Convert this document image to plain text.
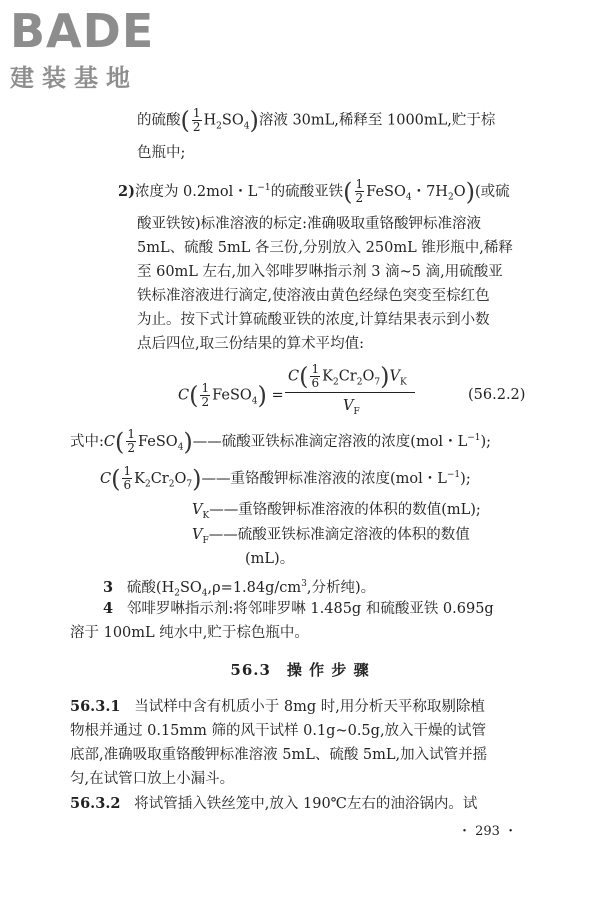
BADE
建装基地
的硫酸( $\frac{1}{2} H_2SO_4$)溶液 30mL,稀释至 1000mL,贮于棕
色瓶中;
2)浓度为 0.2mol・$L^{-1}$的硫酸亚铁( $\frac{1}{2}$ FeSO$_4$・$7H_2O$)(或硫
酸亚铁铵)标准溶液的标定:准确吸取重铬酸钾标准溶液
5mL、硫酸 5mL 各三份,分别放入 250mL 锥形瓶中,稀释
至 60mL 左右,加入邻啡罗啉指示剂 3 滴~5 滴,用硫酸亚
铁标准溶液进行滴定,使溶液由黄色经绿色突变至棕红色
为止。按下式计算硫酸亚铁的浓度,计算结果表示到小数
点后四位,取三份结果的算术平均值:
$C( \frac{1}{2}$ FeSO$_4$) =
$C( \frac{1}{6} K_2Cr_2O_7)V_K$
$V_F$
(56.2.2)
式中:C( $\frac{1}{2}$ FeSO$_4$)——硫酸亚铁标准滴定溶液的浓度(mol・$L^{-1}$);
$C( \frac{1}{6}$ $K_2Cr_2O_7)——$重铬酸钾标准溶液的浓度(mol・$L^{-1}$);
$V_K——$重铬酸钾标准溶液的体积的数值(mL);
$V_F——$硫酸亚铁标准滴定溶液的体积的数值
(mL)。
3 硫酸($H_2SO_4,\rho=1.84g/cm^3$,分析纯)。
4 邻啡罗啉指示剂:将邻啡罗啉 1.485g 和硫酸亚铁 0.695g
溶于 100mL 纯水中,贮于棕色瓶中。
56.3　操 作 步 骤
56.3.1 当试样中含有机质小于 8mg 时,用分析天平称取剔除植
物根并通过 0.15mm 筛的风干试样 0.1g~0.5g,放入干燥的试管
底部,准确吸取重铬酸钾标准溶液 5mL、硫酸 5mL,加入试管并摇
匀,在试管口放上小漏斗。
56.3.2 将试管插入铁丝笼中,放入 190℃左右的油浴锅内。试
・ 293 ・
